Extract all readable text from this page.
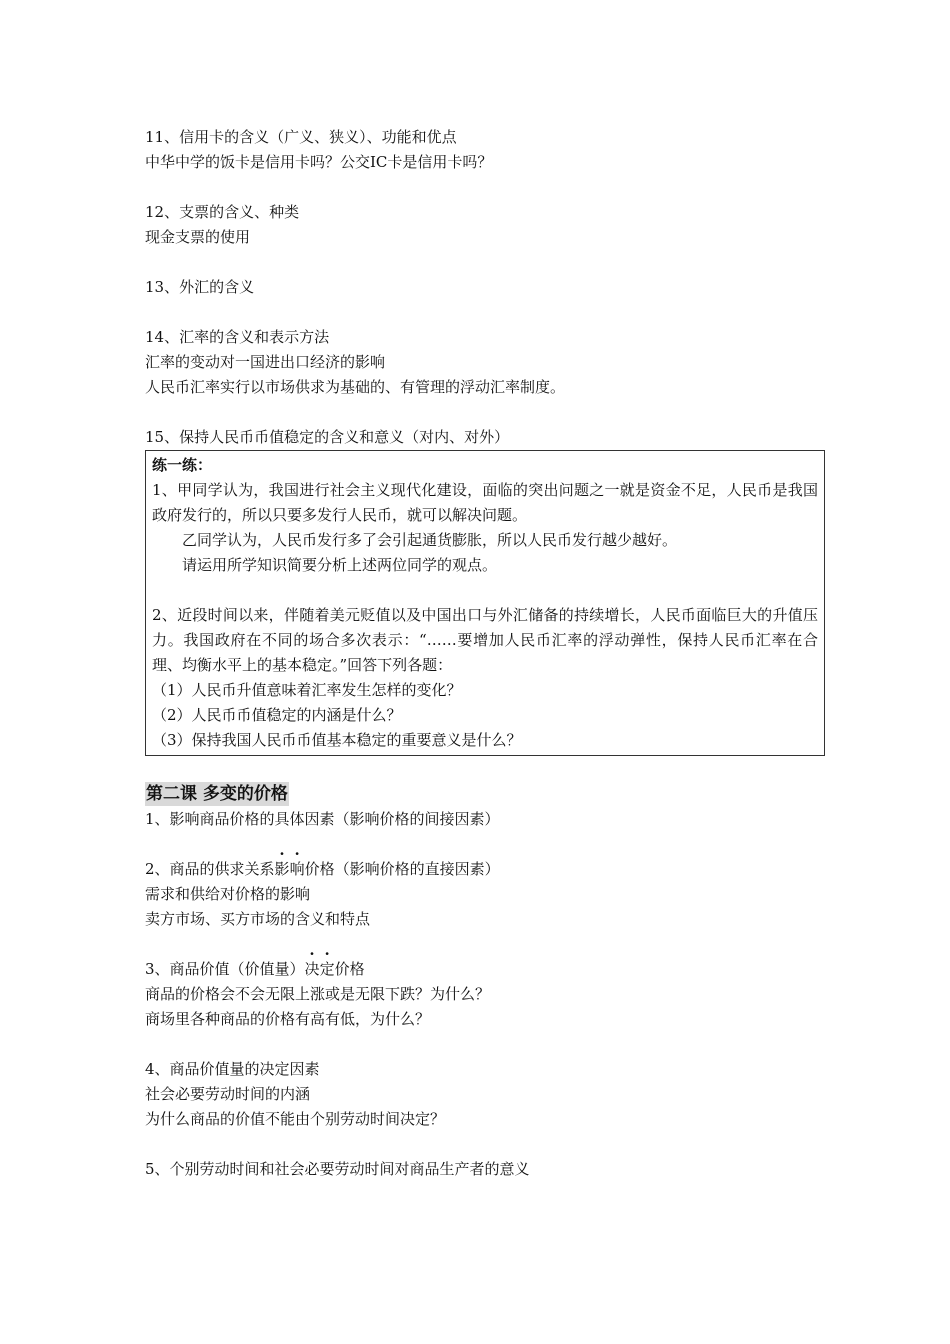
11、信用卡的含义（广义、狭义）、功能和优点
中华中学的饭卡是信用卡吗？公交IC卡是信用卡吗？
12、支票的含义、种类
现金支票的使用
13、外汇的含义
14、汇率的含义和表示方法
汇率的变动对一国进出口经济的影响
人民币汇率实行以市场供求为基础的、有管理的浮动汇率制度。
15、保持人民币币值稳定的含义和意义（对内、对外）
练一练：
1、甲同学认为，我国进行社会主义现代化建设，面临的突出问题之一就是资金不足，人民币是我国政府发行的，所以只要多发行人民币，就可以解决问题。
乙同学认为，人民币发行多了会引起通货膨胀，所以人民币发行越少越好。
请运用所学知识简要分析上述两位同学的观点。
2、近段时间以来，伴随着美元贬值以及中国出口与外汇储备的持续增长，人民币面临巨大的升值压力。我国政府在不同的场合多次表示：“……要增加人民币汇率的浮动弹性，保持人民币汇率在合理、均衡水平上的基本稳定。”回答下列各题：
（1）人民币升值意味着汇率发生怎样的变化？
（2）人民币币值稳定的内涵是什么？
（3）保持我国人民币币值基本稳定的重要意义是什么？
第二课 多变的价格
1、影响商品价格的具体因素（影响价格的间接因素）
2、商品的供求关系影响价格（影响价格的直接因素）
需求和供给对价格的影响
卖方市场、买方市场的含义和特点
3、商品价值（价值量）决定价格
商品的价格会不会无限上涨或是无限下跌？为什么？
商场里各种商品的价格有高有低，为什么？
4、商品价值量的决定因素
社会必要劳动时间的内涵
为什么商品的价值不能由个别劳动时间决定？
5、个别劳动时间和社会必要劳动时间对商品生产者的意义
